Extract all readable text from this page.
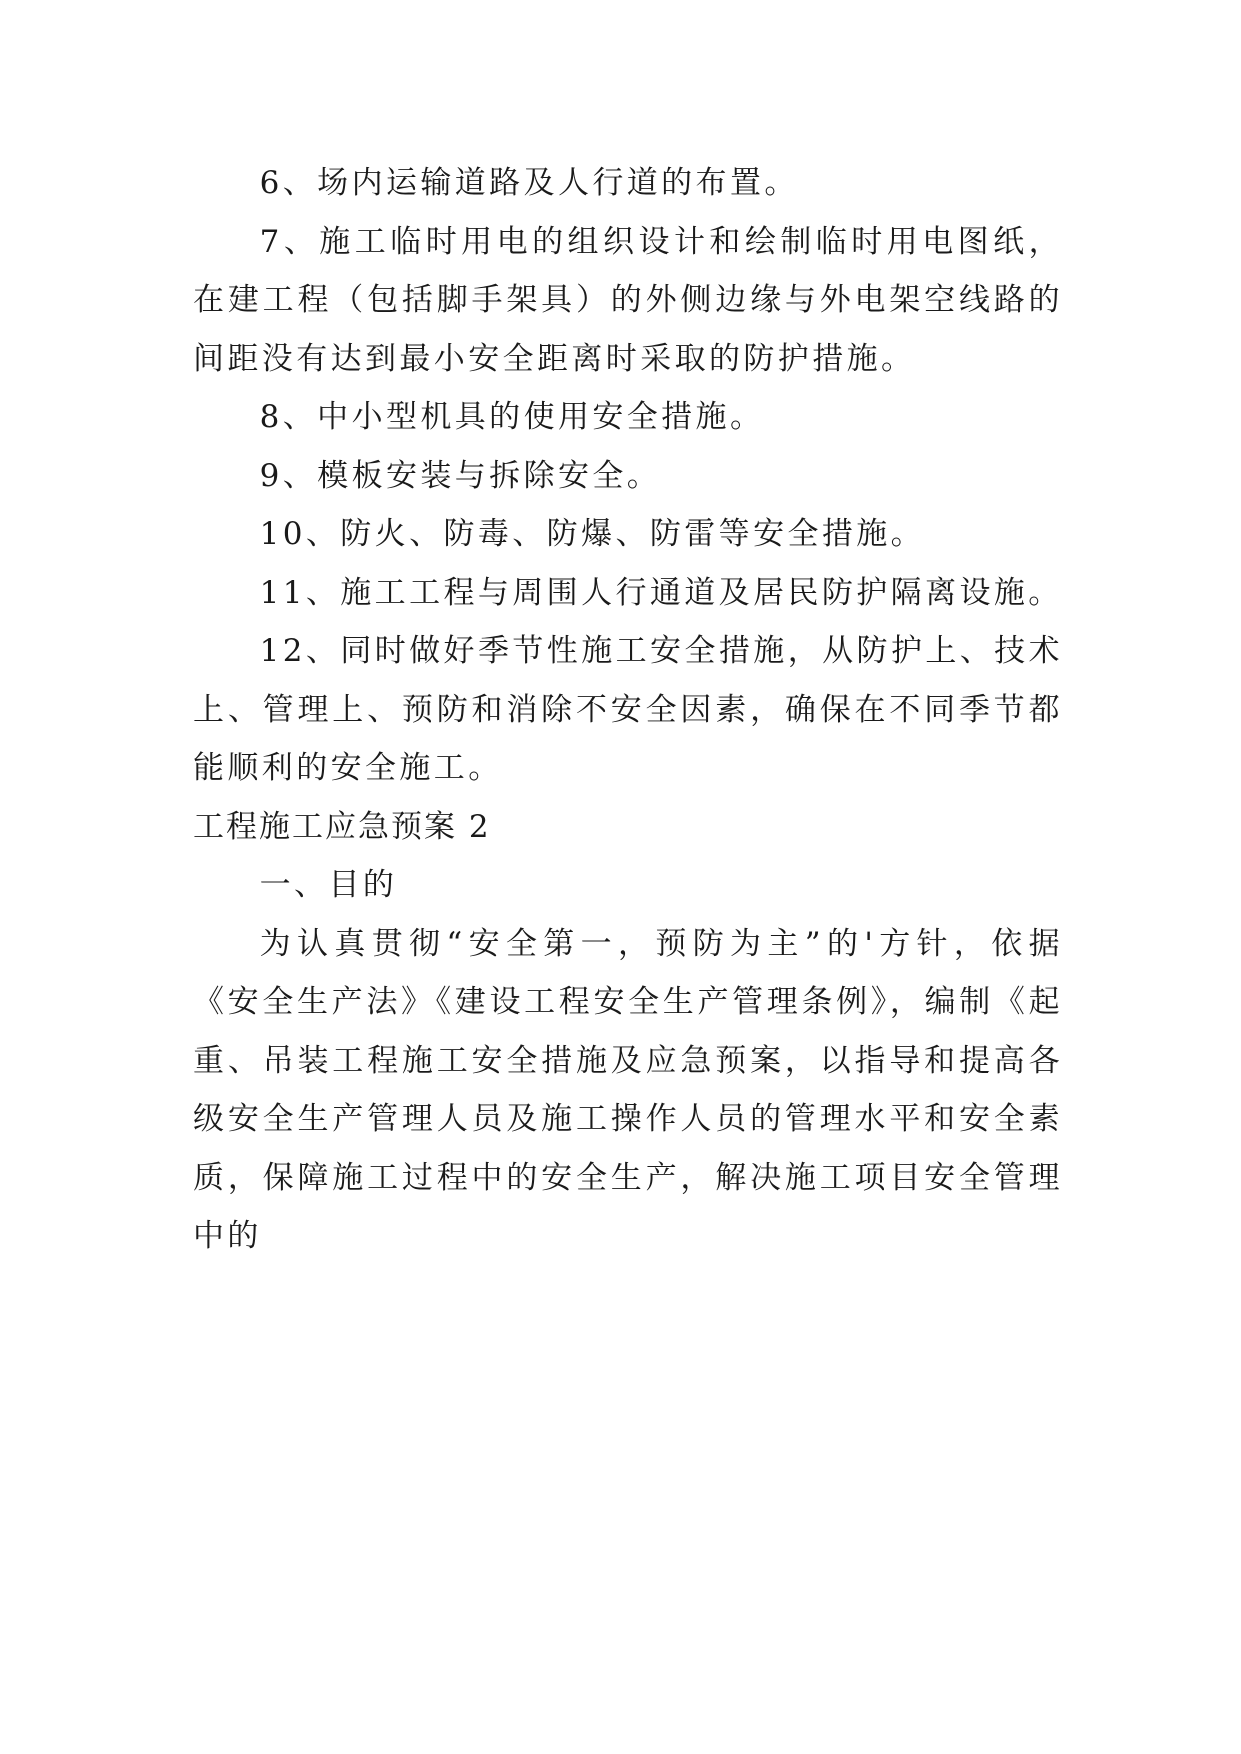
6、场内运输道路及人行道的布置。

7、施工临时用电的组织设计和绘制临时用电图纸，在建工程（包括脚手架具）的外侧边缘与外电架空线路的间距没有达到最小安全距离时采取的防护措施。

8、中小型机具的使用安全措施。

9、模板安装与拆除安全。

10、防火、防毒、防爆、防雷等安全措施。

11、施工工程与周围人行通道及居民防护隔离设施。

12、同时做好季节性施工安全措施，从防护上、技术上、管理上、预防和消除不安全因素，确保在不同季节都能顺利的安全施工。

工程施工应急预案 2

一、目的

为认真贯彻“安全第一，预防为主”的'方针，依据《安全生产法》《建设工程安全生产管理条例》，编制《起重、吊装工程施工安全措施及应急预案，以指导和提高各级安全生产管理人员及施工操作人员的管理水平和安全素质，保障施工过程中的安全生产，解决施工项目安全管理中的
